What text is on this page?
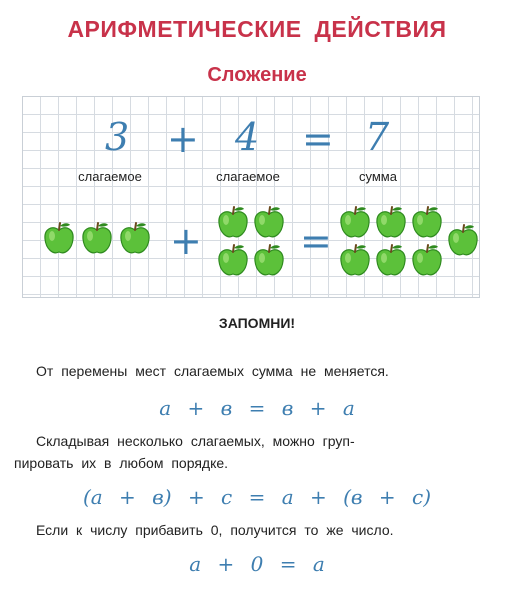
АРИФМЕТИЧЕСКИЕ ДЕЙСТВИЯ
Сложение
3 + 4 = 7
слагаемое	слагаемое	сумма
+	=
ЗАПОМНИ!
От перемены мест слагаемых сумма не меняется.
a + в = в + a
Складывая несколько слагаемых, можно груп-
пировать их в любом порядке.
(a + в) + c = a + (в + c)
Если к числу прибавить 0, получится то же число.
a + 0 = a
